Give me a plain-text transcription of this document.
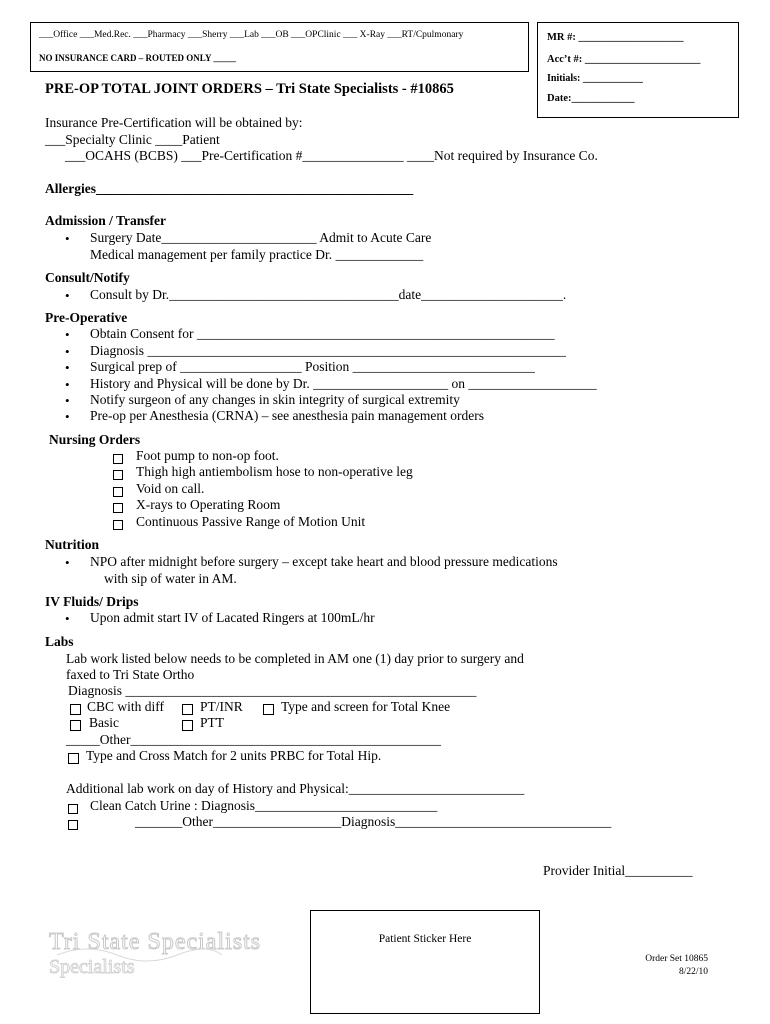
___Office ___Med.Rec. ___Pharmacy ___Sherry ___Lab ___OB ___OPClinic ___ X-Ray ___RT/Cpulmonary
NO INSURANCE CARD – ROUTED ONLY _____
MR #: ____________________
Acc’t #: ______________________
Initials: ____________
Date:____________
PRE-OP TOTAL JOINT ORDERS – Tri State Specialists - #10865
Insurance Pre-Certification will be obtained by:
___Specialty Clinic ____Patient
___OCAHS (BCBS) ___Pre-Certification #_______________ ____Not required by Insurance Co.
Allergies_______________________________________________
Admission / Transfer
• Surgery Date_______________________ Admit to Acute Care
Medical management per family practice Dr. _____________
Consult/Notify
• Consult by Dr.__________________________________date_____________________.
Pre-Operative
• Obtain Consent for _____________________________________________________
• Diagnosis ______________________________________________________________
• Surgical prep of __________________ Position ___________________________
• History and Physical will be done by Dr. ____________________ on ___________________
• Notify surgeon of any changes in skin integrity of surgical extremity
• Pre-op per Anesthesia (CRNA) – see anesthesia pain management orders
Nursing Orders
Foot pump to non-op foot.
Thigh high antiembolism hose to non-operative leg
Void on call.
X-rays to Operating Room
Continuous Passive Range of Motion Unit
Nutrition
• NPO after midnight before surgery – except take heart and blood pressure medications
with sip of water in AM.
IV Fluids/ Drips
• Upon admit start IV of Lacated Ringers at 100mL/hr
Labs
Lab work listed below needs to be completed in AM one (1) day prior to surgery and
faxed to Tri State Ortho
Diagnosis ____________________________________________________
CBC with diff	PT/INR	Type and screen for Total Knee
Basic	PTT
_____Other______________________________________________
Type and Cross Match for 2 units PRBC for Total Hip.
Additional lab work on day of History and Physical:__________________________
Clean Catch Urine : Diagnosis___________________________
_______Other___________________Diagnosis________________________________
Provider Initial__________
Tri State Specialists
Specialists
Patient Sticker Here
Order Set 10865
8/22/10
